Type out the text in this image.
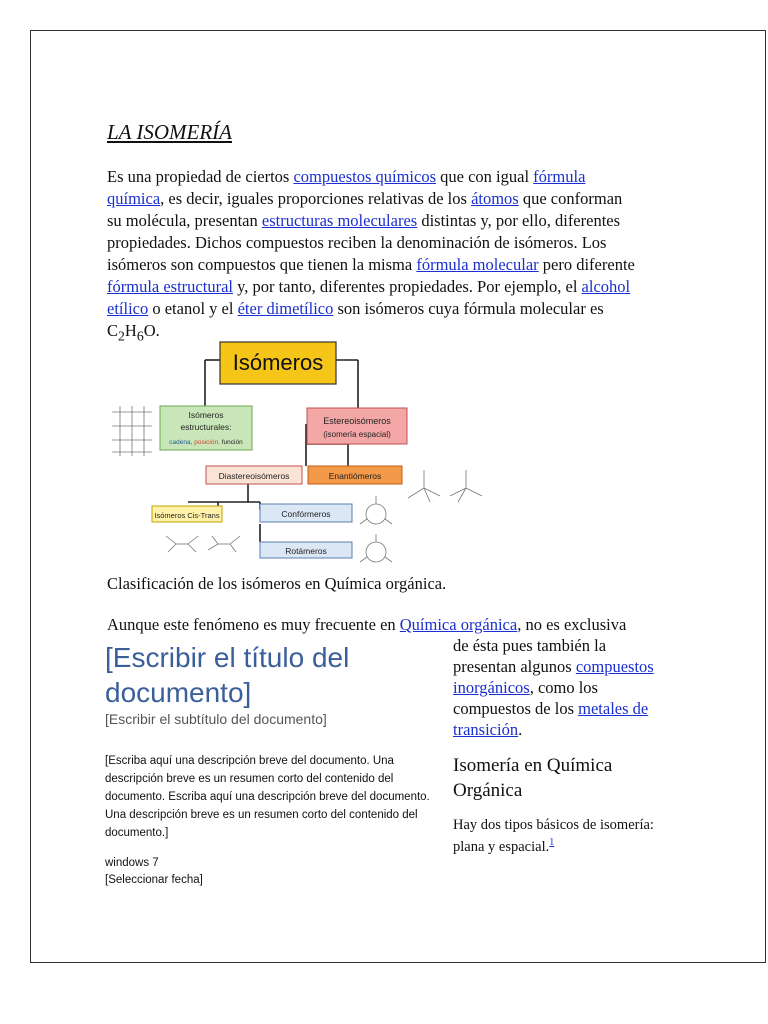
LA ISOMERÍA
Es una propiedad de ciertos compuestos químicos que con igual fórmula química, es decir, iguales proporciones relativas de los átomos que conforman su molécula, presentan estructuras moleculares distintas y, por ello, diferentes propiedades. Dichos compuestos reciben la denominación de isómeros. Los isómeros son compuestos que tienen la misma fórmula molecular pero diferente fórmula estructural y, por tanto, diferentes propiedades. Por ejemplo, el alcohol etílico o etanol y el éter dimetílico son isómeros cuya fórmula molecular es $C_2H_6O$.
Isómeros
Isómeros
estructurales:
cadena, posición, función
Estereoisómeros
(isomería espacial)
Diastereoisómeros	Enantiómeros
Isómeros Cis-Trans	Confórmeros
Rotámeros
Clasificación de los isómeros en Química orgánica.
Aunque este fenómeno es muy frecuente en Química orgánica, no es exclusiva
de ésta pues también la presentan algunos compuestos inorgánicos, como los compuestos de los metales de transición.
Isomería en Química Orgánica
Hay dos tipos básicos de isomería: plana y espacial.$^1$
[Escribir el título del documento]
[Escribir el subtítulo del documento]
[Escriba aquí una descripción breve del documento. Una descripción breve es un resumen corto del contenido del documento. Escriba aquí una descripción breve del documento. Una descripción breve es un resumen corto del contenido del documento.]
windows 7
[Seleccionar fecha]
